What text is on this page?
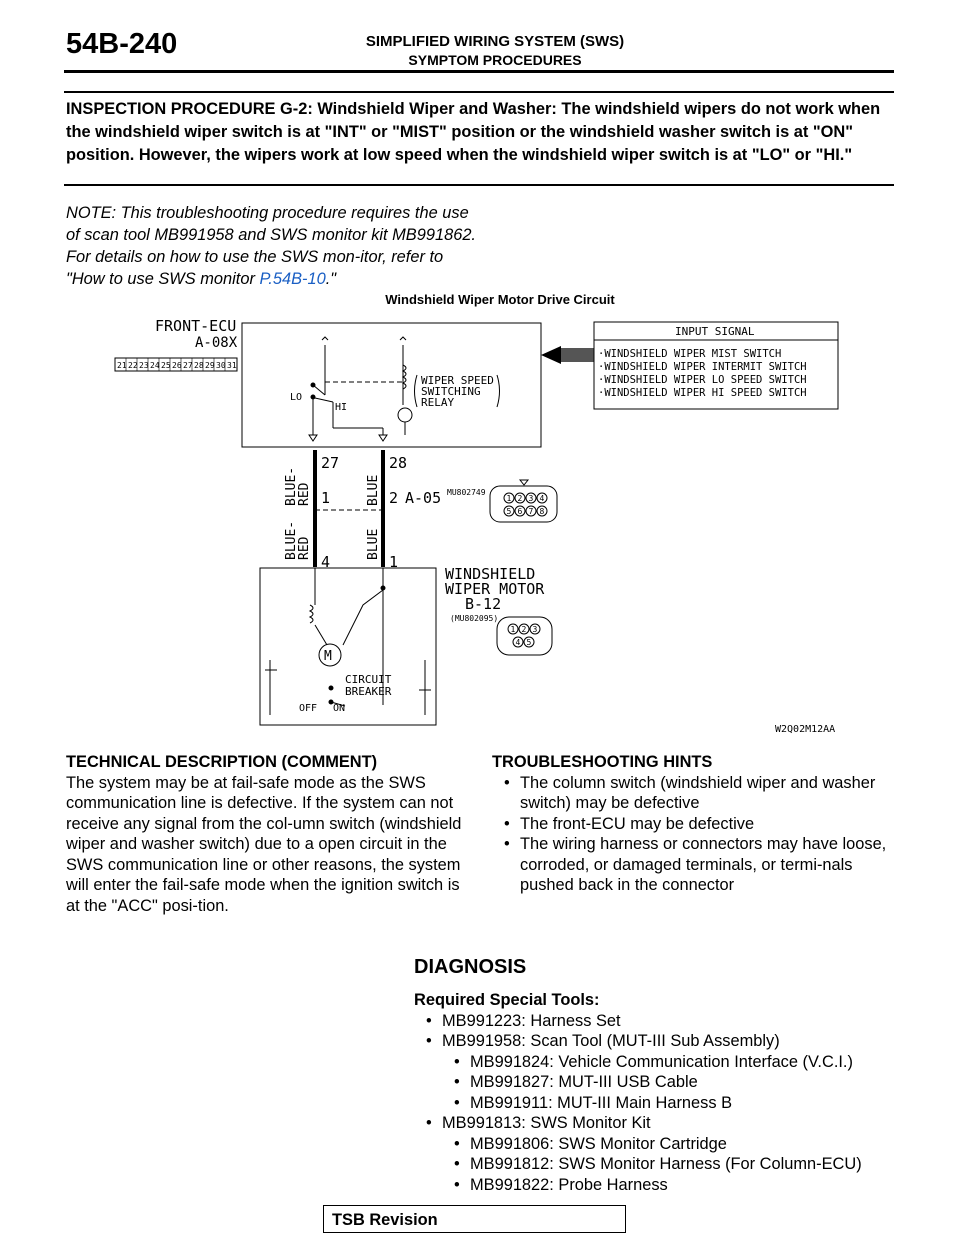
54B-240	SIMPLIFIED WIRING SYSTEM (SWS)
SYMPTOM PROCEDURES
INSPECTION PROCEDURE G-2: Windshield Wiper and Washer: The windshield wipers do not work when the windshield wiper switch is at "INT" or "MIST" position or the windshield washer switch is at "ON" position. However, the wipers work at low speed when the windshield wiper switch is at "LO" or "HI."
NOTE: This troubleshooting procedure requires the use of scan tool MB991958 and SWS monitor kit MB991862. For details on how to use the SWS mon-itor, refer to "How to use SWS monitor P.54B-10."
Windshield Wiper Motor Drive Circuit
FRONT-ECU
A-08X
21 22 23 24 25 26 27 28 29 30 31
LO
HI
WIPER SPEED
SWITCHING
RELAY
INPUT SIGNAL
·WINDSHIELD WIPER MIST SWITCH
·WINDSHIELD WIPER INTERMIT SWITCH
·WINDSHIELD WIPER LO SPEED SWITCH
·WINDSHIELD WIPER HI SPEED SWITCH
27	28
1	2 A-05
4	1
BLUE-
RED	BLUE
BLUE-
RED	BLUE
MU802749
1 2 3 4
5 6 7 8
M
CIRCUIT
BREAKER
OFF ON
WINDSHIELD
WIPER MOTOR
B-12
(MU802095)
1 2 3
4 5
W2Q02M12AA
TECHNICAL DESCRIPTION (COMMENT)
The system may be at fail-safe mode as the SWS communication line is defective. If the system can not receive any signal from the col-umn switch (windshield wiper and washer switch) due to a open circuit in the SWS communication line or other reasons, the system will enter the fail-safe mode when the ignition switch is at the "ACC" posi-tion.
TROUBLESHOOTING HINTS
• The column switch (windshield wiper and washer switch) may be defective
• The front-ECU may be defective
• The wiring harness or connectors may have loose, corroded, or damaged terminals, or termi-nals pushed back in the connector
DIAGNOSIS
Required Special Tools:
• MB991223: Harness Set
• MB991958: Scan Tool (MUT-III Sub Assembly)
• MB991824: Vehicle Communication Interface (V.C.I.)
• MB991827: MUT-III USB Cable
• MB991911: MUT-III Main Harness B
• MB991813: SWS Monitor Kit
• MB991806: SWS Monitor Cartridge
• MB991812: SWS Monitor Harness (For Column-ECU)
• MB991822: Probe Harness
TSB Revision
